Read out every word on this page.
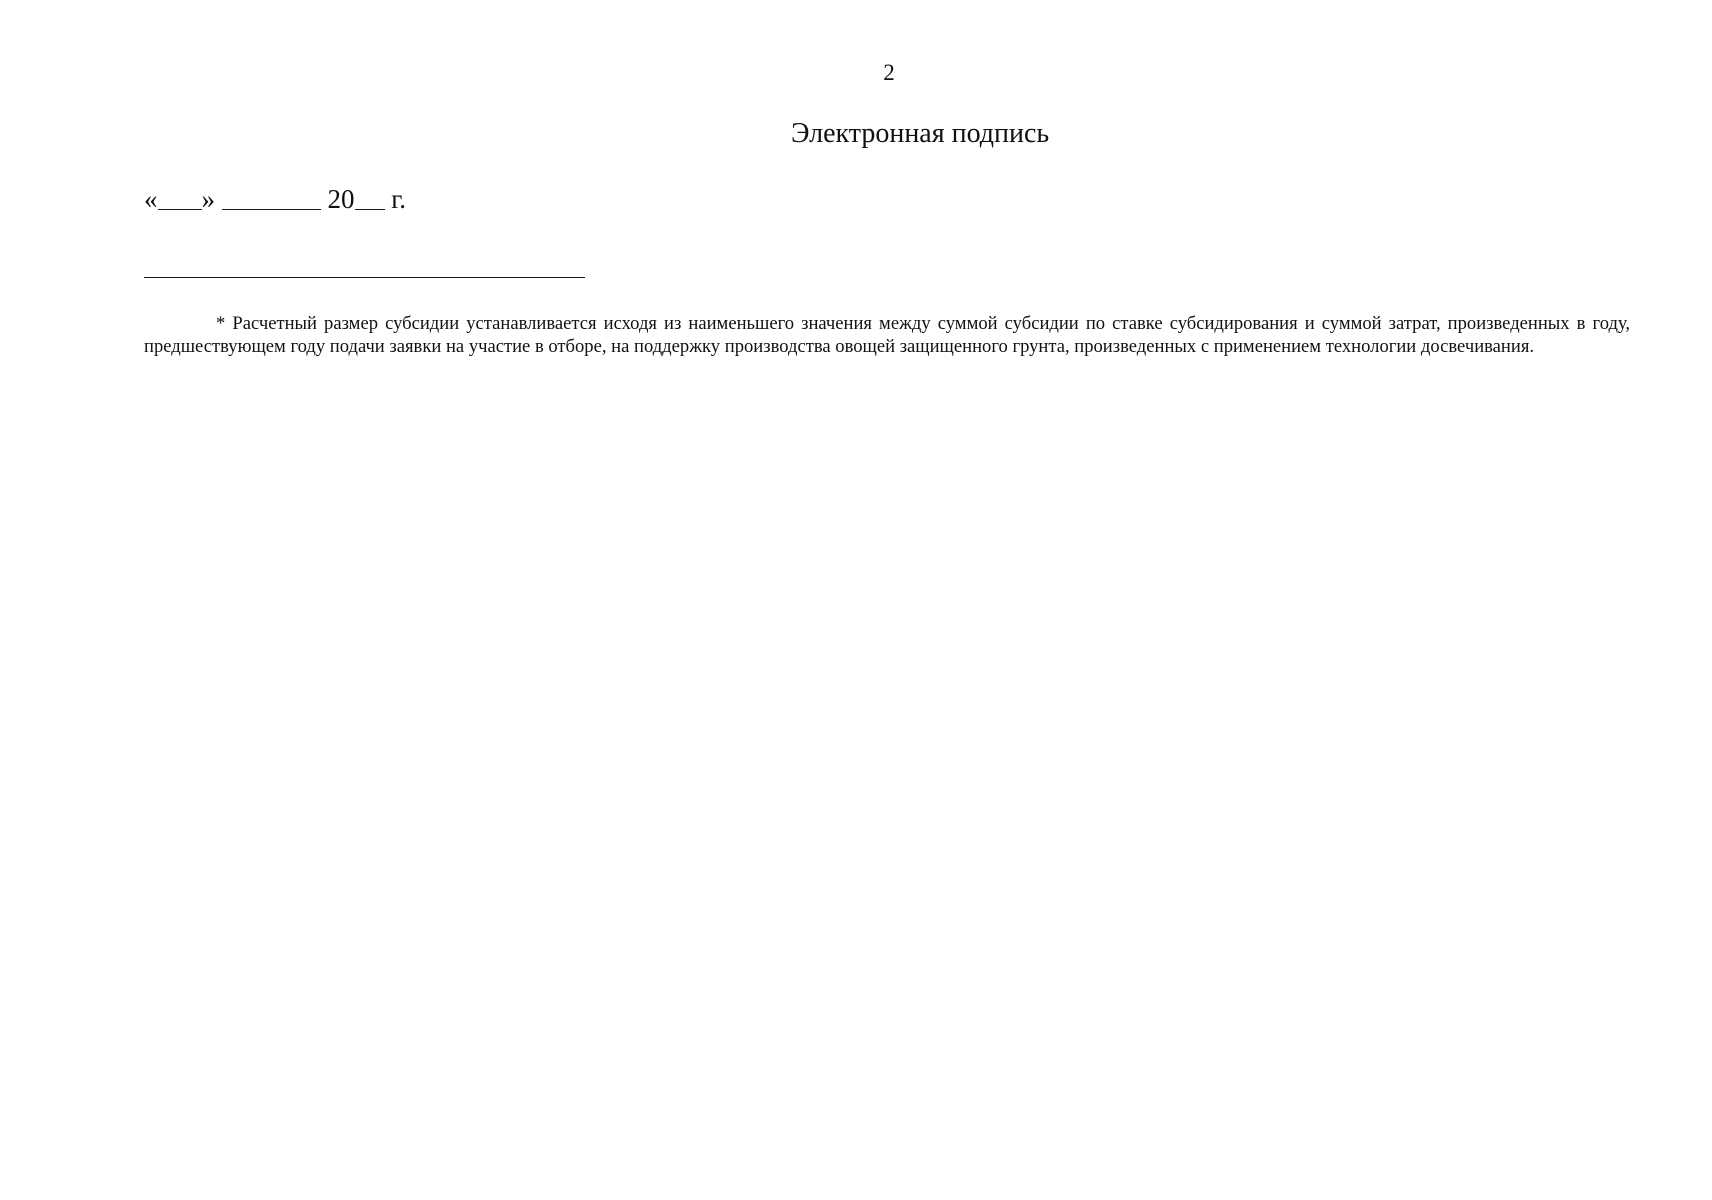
2
Электронная подпись
« »	20 г.
* Расчетный размер субсидии устанавливается исходя из наименьшего значения между суммой субсидии по ставке субсидирования и суммой затрат, произведенных в году, предшествующем году подачи заявки на участие в отборе, на поддержку производства овощей защищенного грунта, произведенных с применением технологии досвечивания.
